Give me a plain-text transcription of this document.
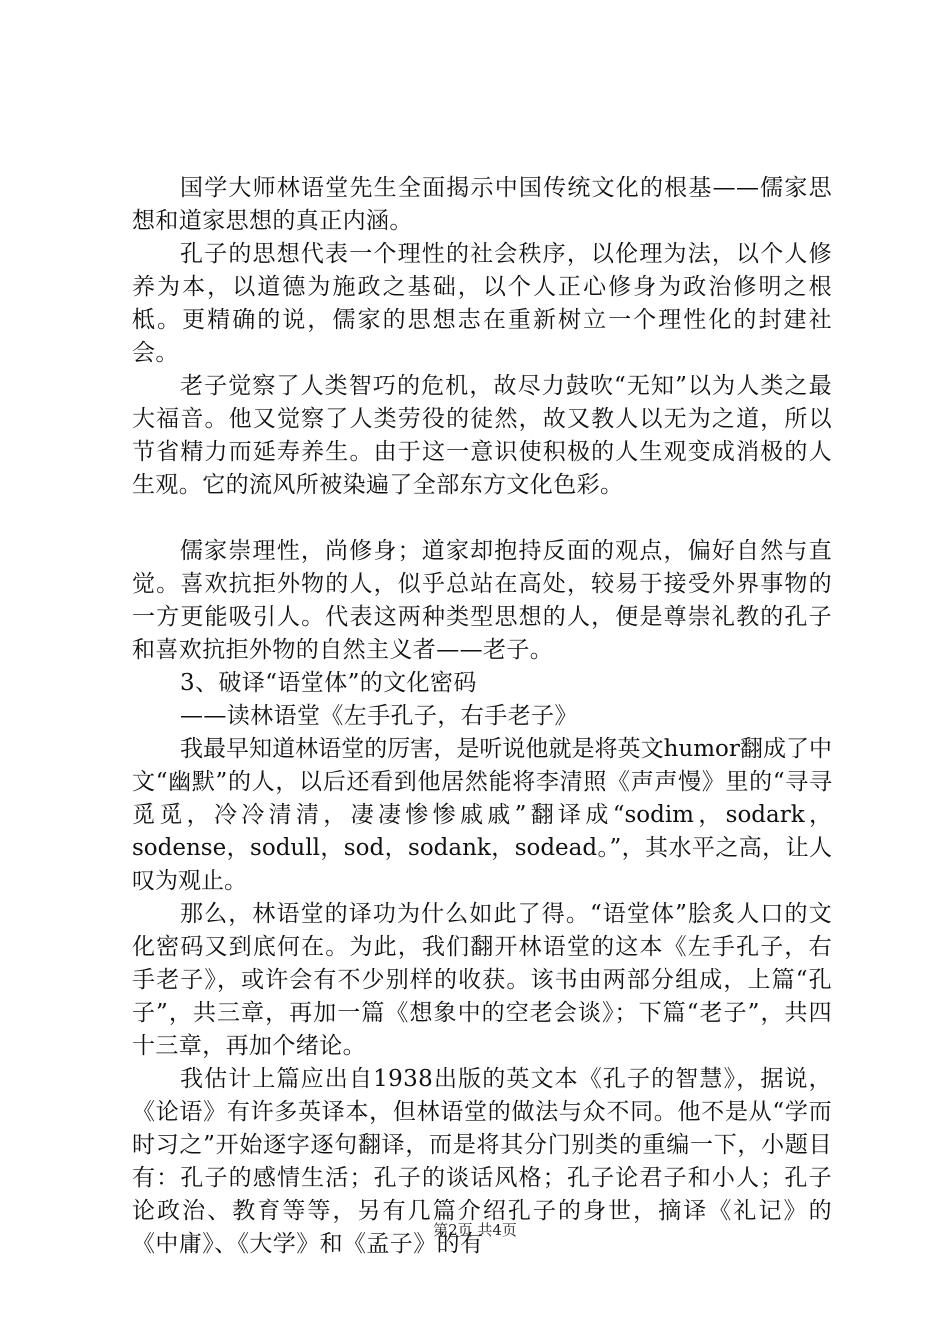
国学大师林语堂先生全面揭示中国传统文化的根基——儒家思想和道家思想的真正内涵。

孔子的思想代表一个理性的社会秩序，以伦理为法，以个人修养为本，以道德为施政之基础，以个人正心修身为政治修明之根柢。更精确的说，儒家的思想志在重新树立一个理性化的封建社会。

老子觉察了人类智巧的危机，故尽力鼓吹“无知”以为人类之最大福音。他又觉察了人类劳役的徒然，故又教人以无为之道，所以节省精力而延寿养生。由于这一意识使积极的人生观变成消极的人生观。它的流风所被染遍了全部东方文化色彩。

儒家崇理性，尚修身；道家却抱持反面的观点，偏好自然与直觉。喜欢抗拒外物的人，似乎总站在高处，较易于接受外界事物的一方更能吸引人。代表这两种类型思想的人，便是尊崇礼教的孔子和喜欢抗拒外物的自然主义者——老子。

3、破译“语堂体”的文化密码

——读林语堂《左手孔子，右手老子》

我最早知道林语堂的厉害，是听说他就是将英文humor翻成了中文“幽默”的人，以后还看到他居然能将李清照《声声慢》里的“寻寻觅觅，冷冷清清，凄凄惨惨戚戚”翻译成“sodim，sodark，sodense，sodull，sod，sodank，sodead。”，其水平之高，让人叹为观止。

那么，林语堂的译功为什么如此了得。“语堂体”脍炙人口的文化密码又到底何在。为此，我们翻开林语堂的这本《左手孔子，右手老子》，或许会有不少别样的收获。该书由两部分组成，上篇“孔子”，共三章，再加一篇《想象中的空老会谈》；下篇“老子”，共四十三章，再加个绪论。

我估计上篇应出自1938出版的英文本《孔子的智慧》，据说，《论语》有许多英译本，但林语堂的做法与众不同。他不是从“学而时习之”开始逐字逐句翻译，而是将其分门别类的重编一下，小题目有：孔子的感情生活；孔子的谈话风格；孔子论君子和小人；孔子论政治、教育等等，另有几篇介绍孔子的身世，摘译《礼记》的《中庸》、《大学》和《孟子》的有

第2页 共4页
